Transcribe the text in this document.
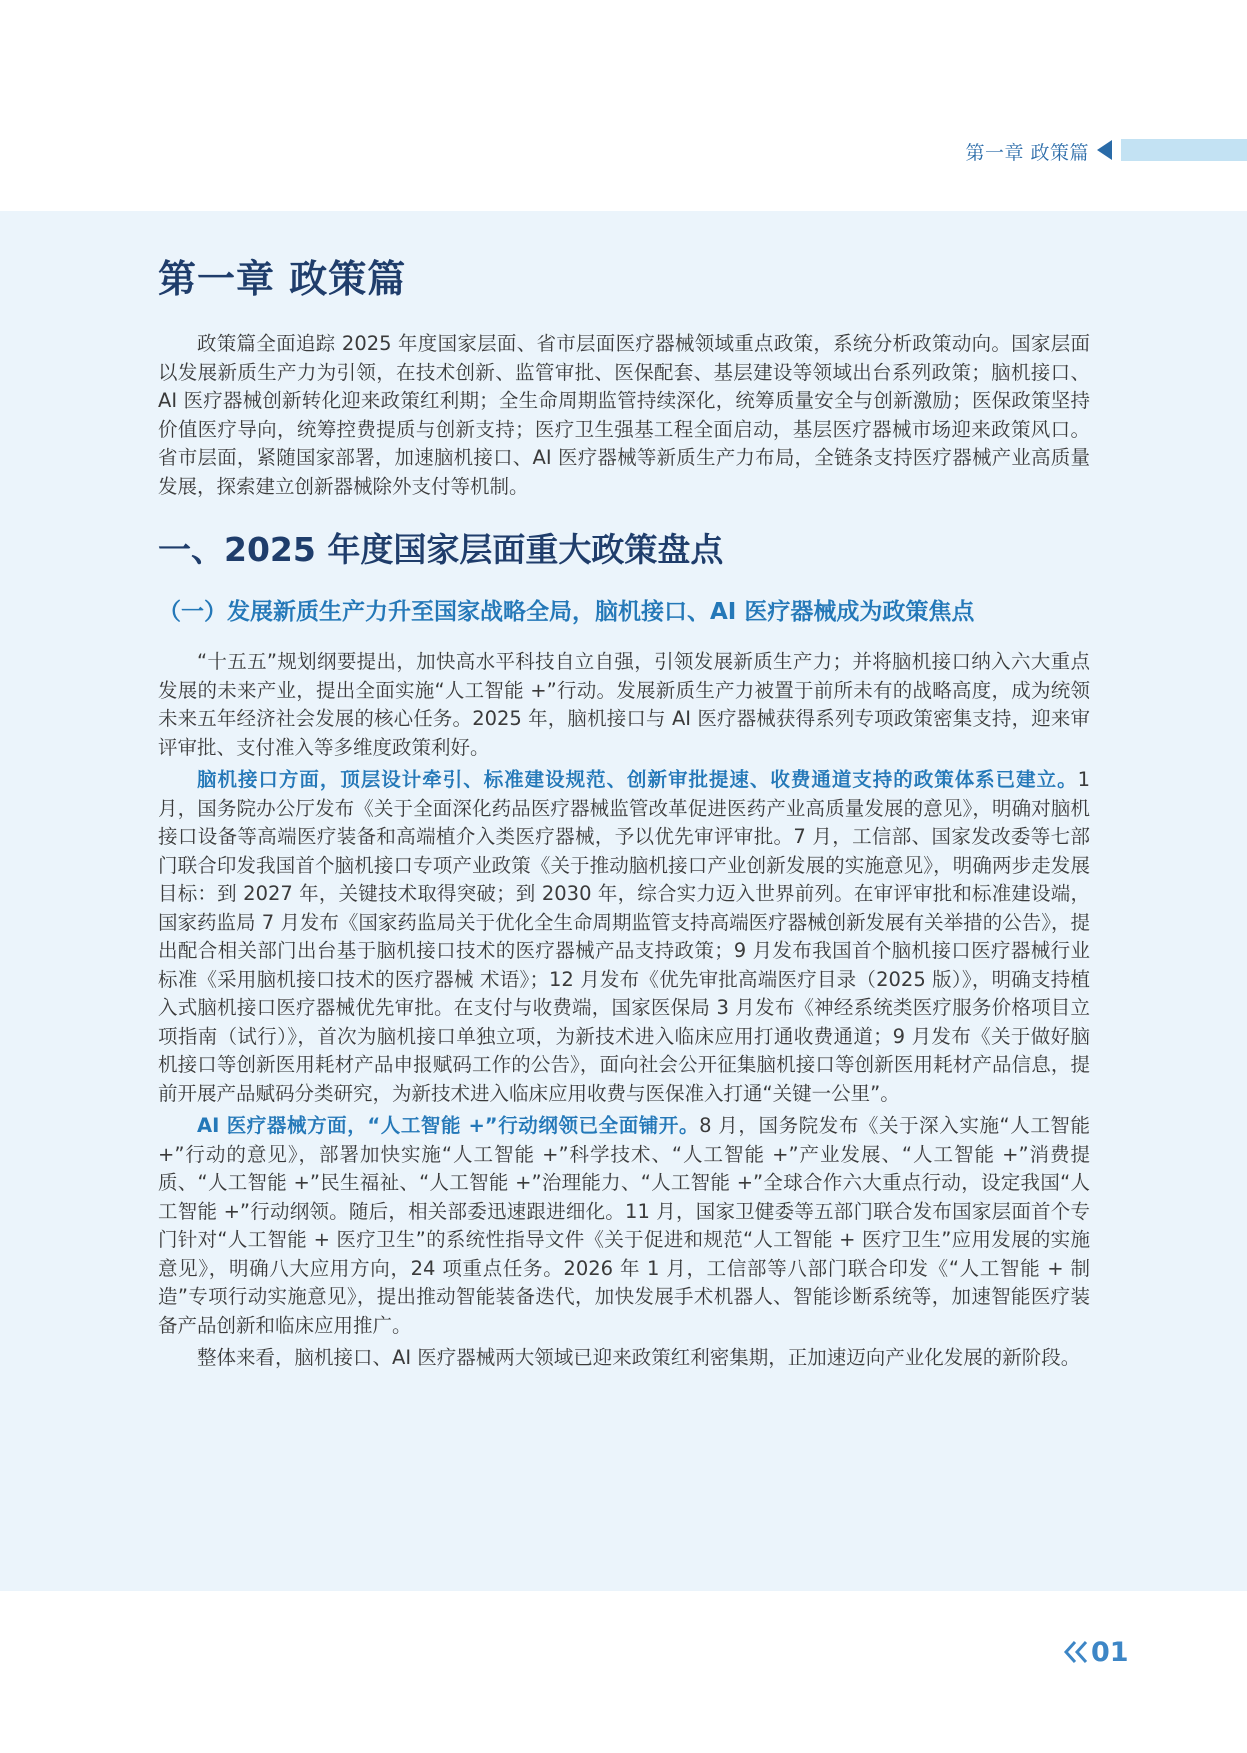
第一章 政策篇
第一章 政策篇

政策篇全面追踪 2025 年度国家层面、省市层面医疗器械领域重点政策，系统分析政策动向。国家层面以发展新质生产力为引领，在技术创新、监管审批、医保配套、基层建设等领域出台系列政策；脑机接口、AI 医疗器械创新转化迎来政策红利期；全生命周期监管持续深化，统筹质量安全与创新激励；医保政策坚持价值医疗导向，统筹控费提质与创新支持；医疗卫生强基工程全面启动，基层医疗器械市场迎来政策风口。省市层面，紧随国家部署，加速脑机接口、AI 医疗器械等新质生产力布局，全链条支持医疗器械产业高质量发展，探索建立创新器械除外支付等机制。

一、2025 年度国家层面重大政策盘点
（一）发展新质生产力升至国家战略全局，脑机接口、AI 医疗器械成为政策焦点

“十五五”规划纲要提出，加快高水平科技自立自强，引领发展新质生产力；并将脑机接口纳入六大重点发展的未来产业，提出全面实施“人工智能 +”行动。发展新质生产力被置于前所未有的战略高度，成为统领未来五年经济社会发展的核心任务。2025 年，脑机接口与 AI 医疗器械获得系列专项政策密集支持，迎来审评审批、支付准入等多维度政策利好。

脑机接口方面，顶层设计牵引、标准建设规范、创新审批提速、收费通道支持的政策体系已建立。1 月，国务院办公厅发布《关于全面深化药品医疗器械监管改革促进医药产业高质量发展的意见》，明确对脑机接口设备等高端医疗装备和高端植介入类医疗器械，予以优先审评审批。7 月，工信部、国家发改委等七部门联合印发我国首个脑机接口专项产业政策《关于推动脑机接口产业创新发展的实施意见》，明确两步走发展目标：到 2027 年，关键技术取得突破；到 2030 年，综合实力迈入世界前列。在审评审批和标准建设端，国家药监局 7 月发布《国家药监局关于优化全生命周期监管支持高端医疗器械创新发展有关举措的公告》，提出配合相关部门出台基于脑机接口技术的医疗器械产品支持政策；9 月发布我国首个脑机接口医疗器械行业标准《采用脑机接口技术的医疗器械 术语》；12 月发布《优先审批高端医疗目录（2025 版）》，明确支持植入式脑机接口医疗器械优先审批。在支付与收费端，国家医保局 3 月发布《神经系统类医疗服务价格项目立项指南（试行）》，首次为脑机接口单独立项，为新技术进入临床应用打通收费通道；9 月发布《关于做好脑机接口等创新医用耗材产品申报赋码工作的公告》，面向社会公开征集脑机接口等创新医用耗材产品信息，提前开展产品赋码分类研究，为新技术进入临床应用收费与医保准入打通“关键一公里”。

AI 医疗器械方面，“人工智能 +”行动纲领已全面铺开。8 月，国务院发布《关于深入实施“人工智能 +”行动的意见》，部署加快实施“人工智能 +”科学技术、“人工智能 +”产业发展、“人工智能 +”消费提质、“人工智能 +”民生福祉、“人工智能 +”治理能力、“人工智能 +”全球合作六大重点行动，设定我国“人工智能 +”行动纲领。随后，相关部委迅速跟进细化。11 月，国家卫健委等五部门联合发布国家层面首个专门针对“人工智能 + 医疗卫生”的系统性指导文件《关于促进和规范“人工智能 + 医疗卫生”应用发展的实施意见》，明确八大应用方向，24 项重点任务。2026 年 1 月，工信部等八部门联合印发《“人工智能 + 制造”专项行动实施意见》，提出推动智能装备迭代，加快发展手术机器人、智能诊断系统等，加速智能医疗装备产品创新和临床应用推广。

整体来看，脑机接口、AI 医疗器械两大领域已迎来政策红利密集期，正加速迈向产业化发展的新阶段。

01
